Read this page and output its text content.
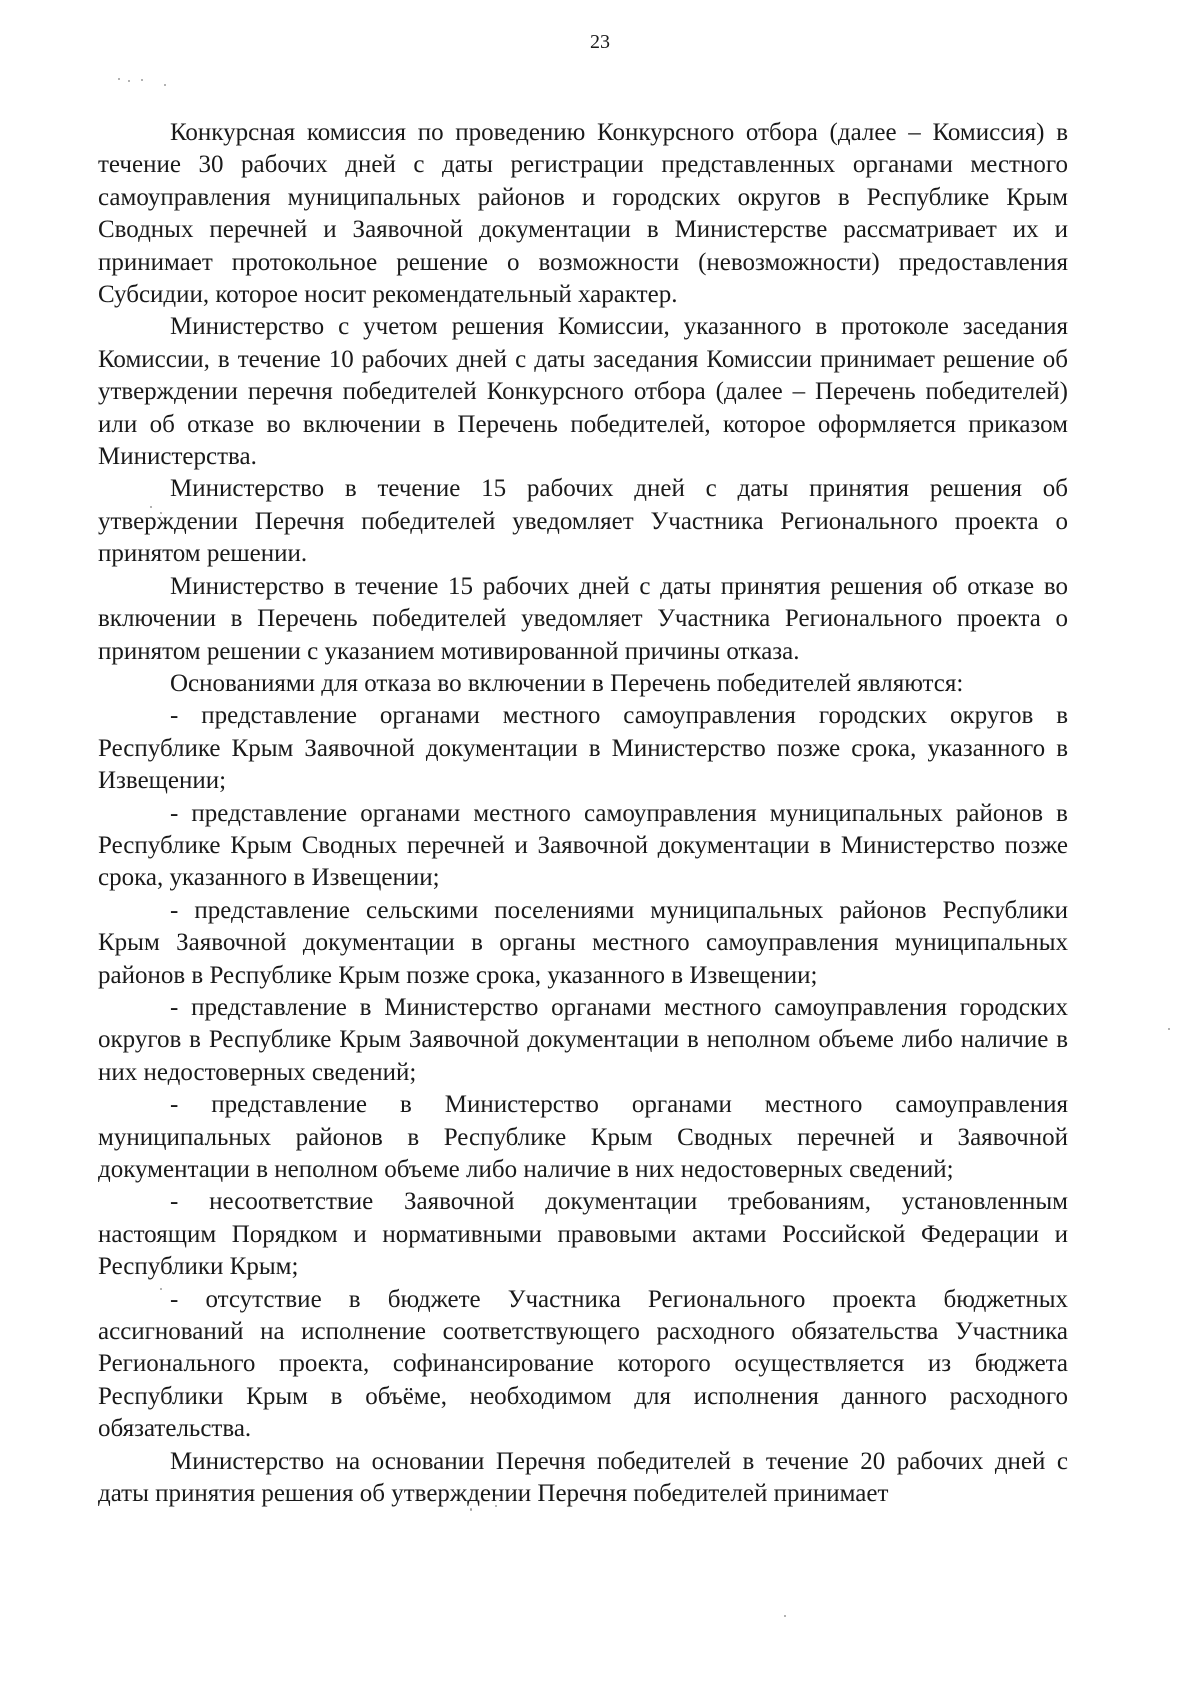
23

Конкурсная комиссия по проведению Конкурсного отбора (далее – Комиссия) в течение 30 рабочих дней с даты регистрации представленных органами местного самоуправления муниципальных районов и городских округов в Республике Крым Сводных перечней и Заявочной документации в Министерстве рассматривает их и принимает протокольное решение о возможности (невозможности) предоставления Субсидии, которое носит рекомендательный характер.

Министерство с учетом решения Комиссии, указанного в протоколе заседания Комиссии, в течение 10 рабочих дней с даты заседания Комиссии принимает решение об утверждении перечня победителей Конкурсного отбора (далее – Перечень победителей) или об отказе во включении в Перечень победителей, которое оформляется приказом Министерства.

Министерство в течение 15 рабочих дней с даты принятия решения об утверждении Перечня победителей уведомляет Участника Регионального проекта о принятом решении.

Министерство в течение 15 рабочих дней с даты принятия решения об отказе во включении в Перечень победителей уведомляет Участника Регионального проекта о принятом решении с указанием мотивированной причины отказа.

Основаниями для отказа во включении в Перечень победителей являются:

- представление органами местного самоуправления городских округов в Республике Крым Заявочной документации в Министерство позже срока, указанного в Извещении;

- представление органами местного самоуправления муниципальных районов в Республике Крым Сводных перечней и Заявочной документации в Министерство позже срока, указанного в Извещении;

- представление сельскими поселениями муниципальных районов Республики Крым Заявочной документации в органы местного самоуправления муниципальных районов в Республике Крым позже срока, указанного в Извещении;

- представление в Министерство органами местного самоуправления городских округов в Республике Крым Заявочной документации в неполном объеме либо наличие в них недостоверных сведений;

- представление в Министерство органами местного самоуправления муниципальных районов в Республике Крым Сводных перечней и Заявочной документации в неполном объеме либо наличие в них недостоверных сведений;

- несоответствие Заявочной документации требованиям, установленным настоящим Порядком и нормативными правовыми актами Российской Федерации и Республики Крым;

- отсутствие в бюджете Участника Регионального проекта бюджетных ассигнований на исполнение соответствующего расходного обязательства Участника Регионального проекта, софинансирование которого осуществляется из бюджета Республики Крым в объёме, необходимом для исполнения данного расходного обязательства.

Министерство на основании Перечня победителей в течение 20 рабочих дней с даты принятия решения об утверждении Перечня победителей принимает
